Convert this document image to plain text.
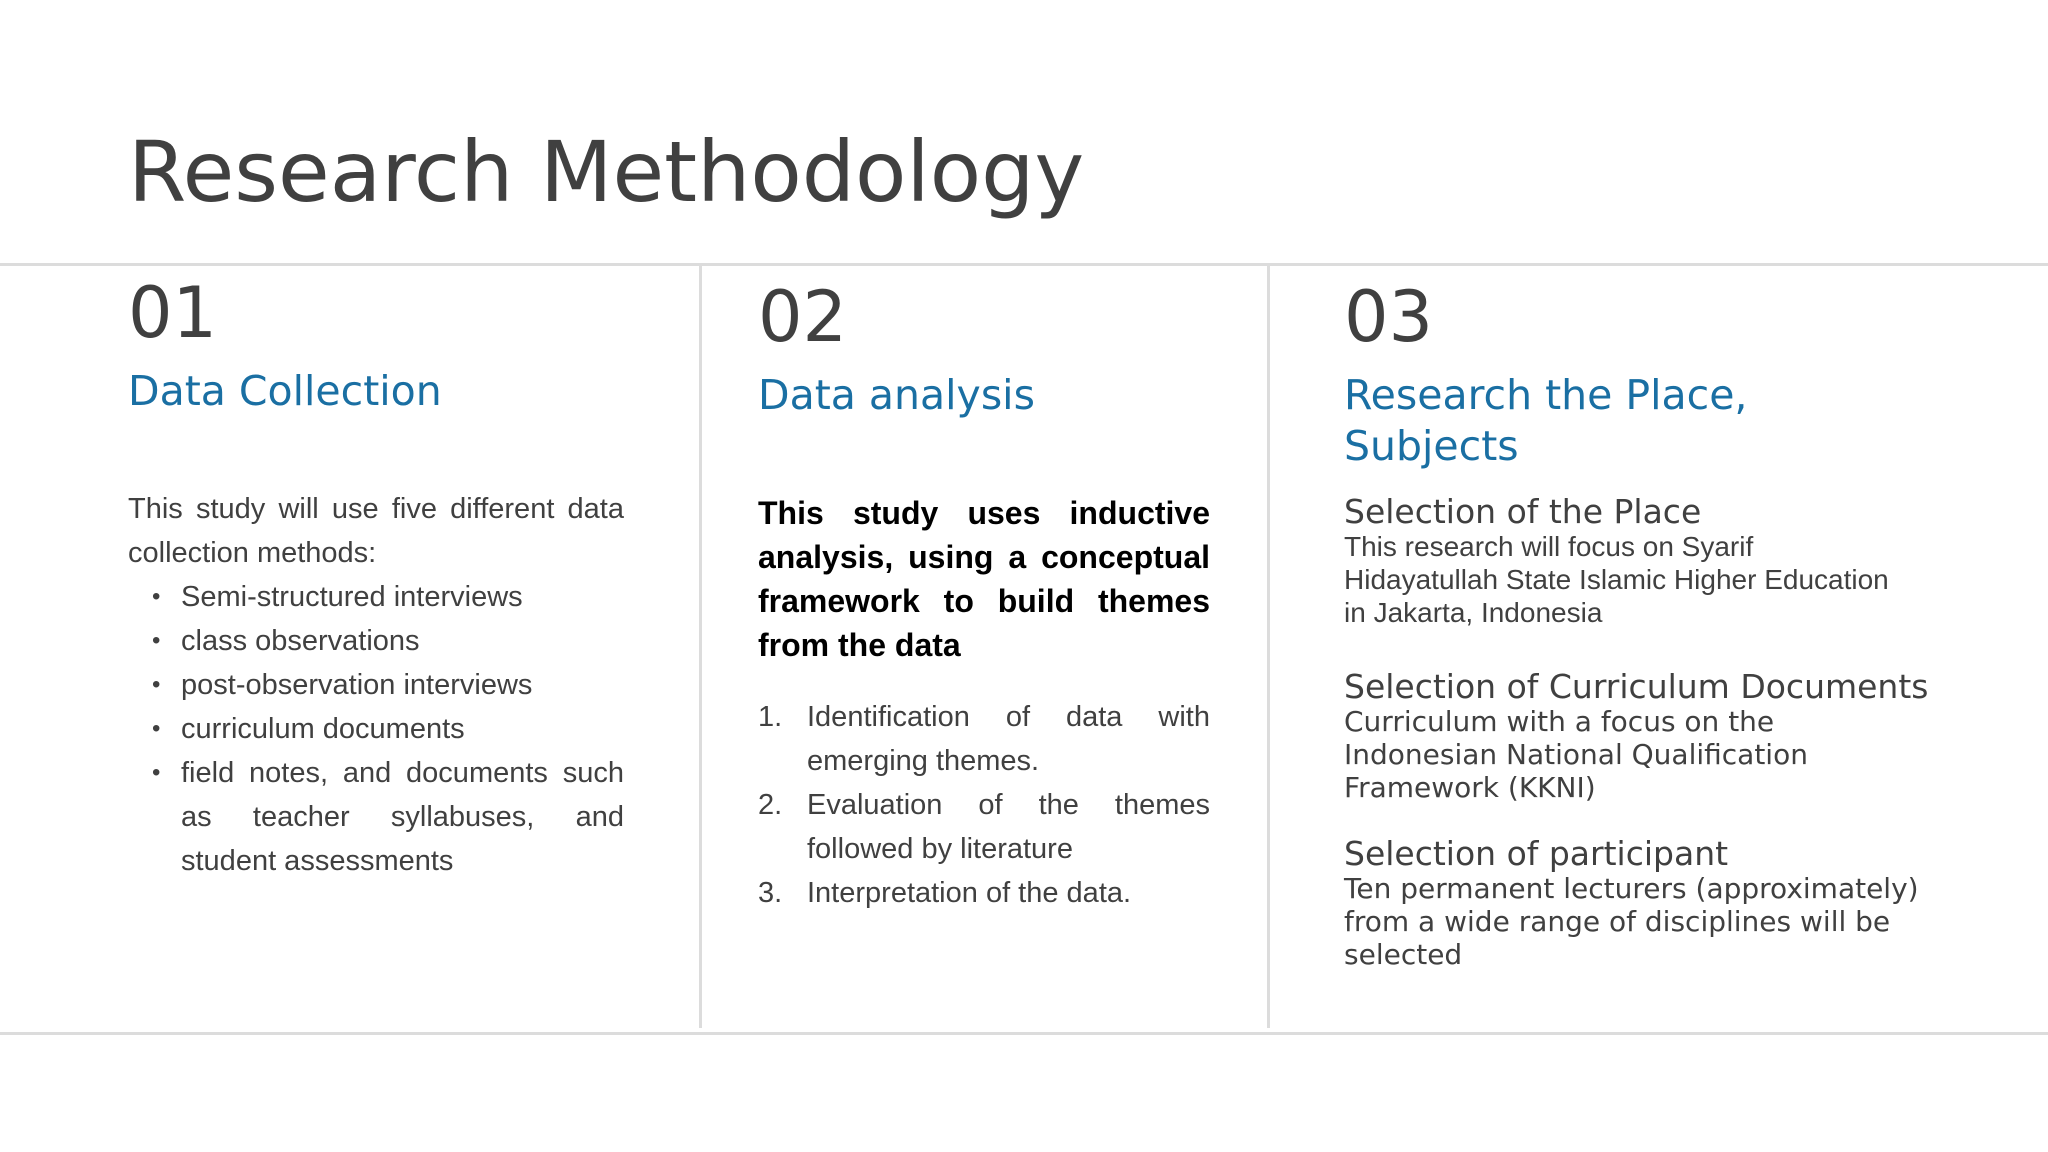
Research Methodology
01
Data Collection
This study will use five different data collection methods:
• Semi-structured interviews
• class observations
• post-observation interviews
• curriculum documents
• field notes, and documents such as teacher syllabuses, and student assessments
02
Data analysis
This study uses inductive analysis, using a conceptual framework to build themes from the data
1. Identification of data with emerging themes.
2. Evaluation of the themes followed by literature
3. Interpretation of the data.
03
Research the Place,
Subjects
Selection of the Place
This research will focus on Syarif
Hidayatullah State Islamic Higher Education
in Jakarta, Indonesia
Selection of Curriculum Documents
Curriculum with a focus on the
Indonesian National Qualification
Framework (KKNI)
Selection of participant
Ten permanent lecturers (approximately)
from a wide range of disciplines will be
selected
